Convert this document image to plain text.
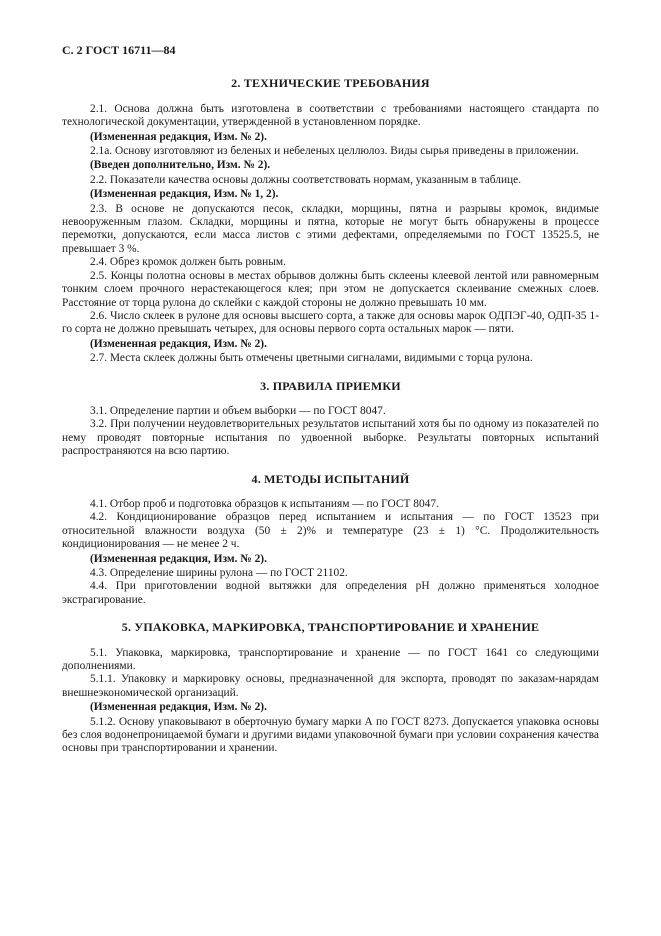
С. 2 ГОСТ 16711—84
2. ТЕХНИЧЕСКИЕ ТРЕБОВАНИЯ

2.1. Основа должна быть изготовлена в соответствии с требованиями настоящего стандарта по технологической документации, утвержденной в установленном порядке.

(Измененная редакция, Изм. № 2).

2.1а. Основу изготовляют из беленых и небеленых целлюлоз. Виды сырья приведены в приложении.

(Введен дополнительно, Изм. № 2).

2.2. Показатели качества основы должны соответствовать нормам, указанным в таблице.

(Измененная редакция, Изм. № 1, 2).

2.3. В основе не допускаются песок, складки, морщины, пятна и разрывы кромок, видимые невооруженным глазом. Складки, морщины и пятна, которые не могут быть обнаружены в процессе перемотки, допускаются, если масса листов с этими дефектами, определяемыми по ГОСТ 13525.5, не превышает 3 %.

2.4. Обрез кромок должен быть ровным.

2.5. Концы полотна основы в местах обрывов должны быть склеены клеевой лентой или равномерным тонким слоем прочного нерастекающегося клея; при этом не допускается склеивание смежных слоев. Расстояние от торца рулона до склейки с каждой стороны не должно превышать 10 мм.

2.6. Число склеек в рулоне для основы высшего сорта, а также для основы марок ОДПЭГ-40, ОДП-35 1-го сорта не должно превышать четырех, для основы первого сорта остальных марок — пяти.

(Измененная редакция, Изм. № 2).

2.7. Места склеек должны быть отмечены цветными сигналами, видимыми с торца рулона.

3. ПРАВИЛА ПРИЕМКИ

3.1. Определение партии и объем выборки — по ГОСТ 8047.

3.2. При получении неудовлетворительных результатов испытаний хотя бы по одному из показателей по нему проводят повторные испытания по удвоенной выборке. Результаты повторных испытаний распространяются на всю партию.

4. МЕТОДЫ ИСПЫТАНИЙ

4.1. Отбор проб и подготовка образцов к испытаниям — по ГОСТ 8047.

4.2. Кондиционирование образцов перед испытанием и испытания — по ГОСТ 13523 при относительной влажности воздуха (50 ± 2)% и температуре (23 ± 1) °С. Продолжительность кондиционирования — не менее 2 ч.

(Измененная редакция, Изм. № 2).

4.3. Определение ширины рулона — по ГОСТ 21102.

4.4. При приготовлении водной вытяжки для определения рН должно применяться холодное экстрагирование.

5. УПАКОВКА, МАРКИРОВКА, ТРАНСПОРТИРОВАНИЕ И ХРАНЕНИЕ

5.1. Упаковка, маркировка, транспортирование и хранение — по ГОСТ 1641 со следующими дополнениями.

5.1.1. Упаковку и маркировку основы, предназначенной для экспорта, проводят по заказам-нарядам внешнеэкономической организаций.

(Измененная редакция, Изм. № 2).

5.1.2. Основу упаковывают в оберточную бумагу марки А по ГОСТ 8273. Допускается упаковка основы без слоя водонепроницаемой бумаги и другими видами упаковочной бумаги при условии сохранения качества основы при транспортировании и хранении.
